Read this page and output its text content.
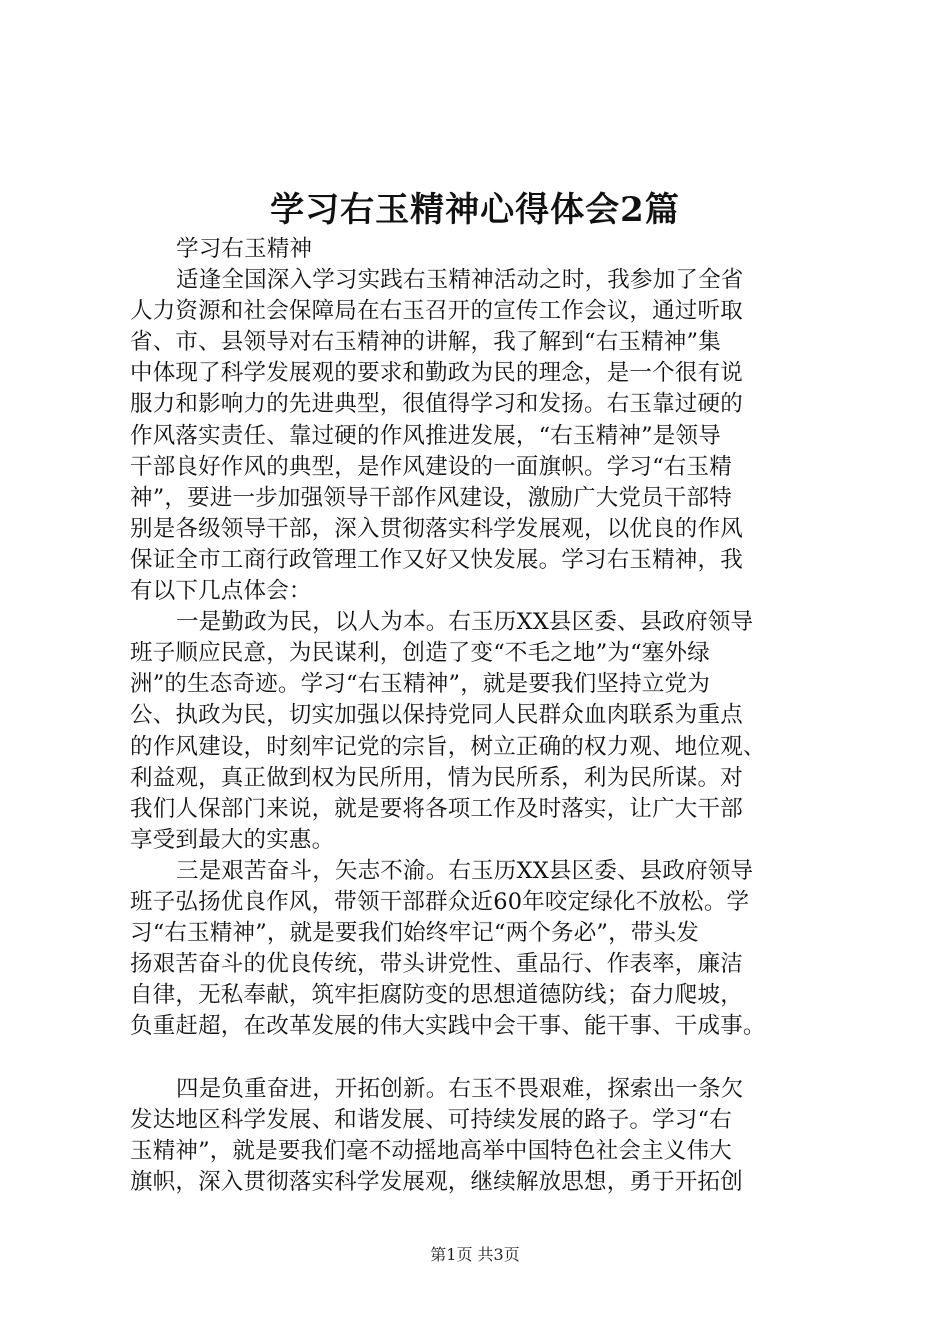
学习右玉精神心得体会2篇
学习右玉精神
适逢全国深入学习实践右玉精神活动之时，我参加了全省
人力资源和社会保障局在右玉召开的宣传工作会议，通过听取
省、市、县领导对右玉精神的讲解，我了解到“右玉精神”集
中体现了科学发展观的要求和勤政为民的理念，是一个很有说
服力和影响力的先进典型，很值得学习和发扬。右玉靠过硬的
作风落实责任、靠过硬的作风推进发展，“右玉精神”是领导
干部良好作风的典型，是作风建设的一面旗帜。学习“右玉精
神”，要进一步加强领导干部作风建设，激励广大党员干部特
别是各级领导干部，深入贯彻落实科学发展观，以优良的作风
保证全市工商行政管理工作又好又快发展。学习右玉精神，我
有以下几点体会：
一是勤政为民，以人为本。右玉历XX县区委、县政府领导
班子顺应民意，为民谋利，创造了变“不毛之地”为“塞外绿
洲”的生态奇迹。学习“右玉精神”，就是要我们坚持立党为
公、执政为民，切实加强以保持党同人民群众血肉联系为重点
的作风建设，时刻牢记党的宗旨，树立正确的权力观、地位观、
利益观，真正做到权为民所用，情为民所系，利为民所谋。对
我们人保部门来说，就是要将各项工作及时落实，让广大干部
享受到最大的实惠。
三是艰苦奋斗，矢志不渝。右玉历XX县区委、县政府领导
班子弘扬优良作风，带领干部群众近60年咬定绿化不放松。学
习“右玉精神”，就是要我们始终牢记“两个务必”，带头发
扬艰苦奋斗的优良传统，带头讲党性、重品行、作表率，廉洁
自律，无私奉献，筑牢拒腐防变的思想道德防线；奋力爬坡，
负重赶超，在改革发展的伟大实践中会干事、能干事、干成事。
四是负重奋进，开拓创新。右玉不畏艰难，探索出一条欠
发达地区科学发展、和谐发展、可持续发展的路子。学习“右
玉精神”，就是要我们毫不动摇地高举中国特色社会主义伟大
旗帜，深入贯彻落实科学发展观，继续解放思想，勇于开拓创
第1页 共3页
